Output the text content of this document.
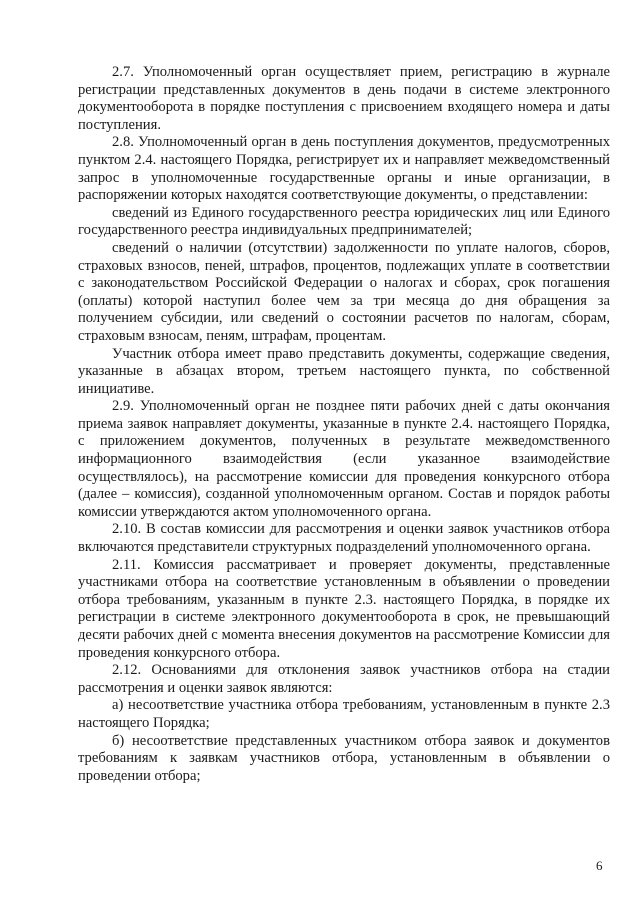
2.7. Уполномоченный орган осуществляет прием, регистрацию в журнале регистрации представленных документов в день подачи в системе электронного документооборота в порядке поступления с присвоением входящего номера и даты поступления.

2.8. Уполномоченный орган в день поступления документов, предусмотренных пунктом 2.4. настоящего Порядка, регистрирует их и направляет межведомственный запрос в уполномоченные государственные органы и иные организации, в распоряжении которых находятся соответствующие документы, о представлении:

сведений из Единого государственного реестра юридических лиц или Единого государственного реестра индивидуальных предпринимателей;

сведений о наличии (отсутствии) задолженности по уплате налогов, сборов, страховых взносов, пеней, штрафов, процентов, подлежащих уплате в соответствии с законодательством Российской Федерации о налогах и сборах, срок погашения (оплаты) которой наступил более чем за три месяца до дня обращения за получением субсидии, или сведений о состоянии расчетов по налогам, сборам, страховым взносам, пеням, штрафам, процентам.

Участник отбора имеет право представить документы, содержащие сведения, указанные в абзацах втором, третьем настоящего пункта, по собственной инициативе.

2.9. Уполномоченный орган не позднее пяти рабочих дней с даты окончания приема заявок направляет документы, указанные в пункте 2.4. настоящего Порядка, с приложением документов, полученных в результате межведомственного информационного взаимодействия (если указанное взаимодействие осуществлялось), на рассмотрение комиссии для проведения конкурсного отбора (далее – комиссия), созданной уполномоченным органом. Состав и порядок работы комиссии утверждаются актом уполномоченного органа.

2.10. В состав комиссии для рассмотрения и оценки заявок участников отбора включаются представители структурных подразделений уполномоченного органа.

2.11. Комиссия рассматривает и проверяет документы, представленные участниками отбора на соответствие установленным в объявлении о проведении отбора требованиям, указанным в пункте 2.3. настоящего Порядка, в порядке их регистрации в системе электронного документооборота в срок, не превышающий десяти рабочих дней с момента внесения документов на рассмотрение Комиссии для проведения конкурсного отбора.

2.12. Основаниями для отклонения заявок участников отбора на стадии рассмотрения и оценки заявок являются:

а) несоответствие участника отбора требованиям, установленным в пункте 2.3 настоящего Порядка;

б) несоответствие представленных участником отбора заявок и документов требованиям к заявкам участников отбора, установленным в объявлении о проведении отбора;

6
